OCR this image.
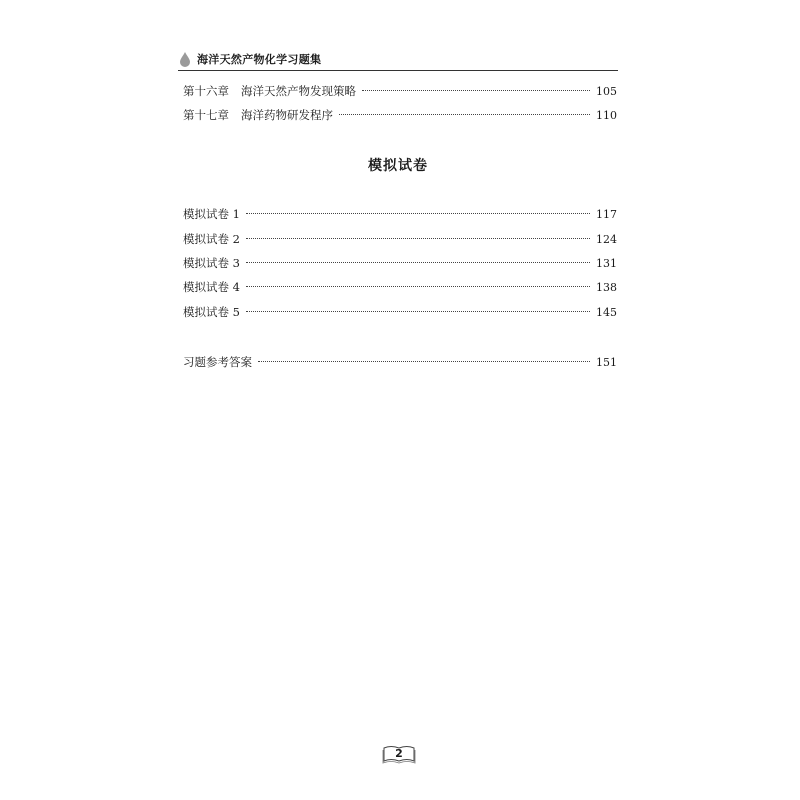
海洋天然产物化学习题集
第十六章 海洋天然产物发现策略	105
第十七章 海洋药物研发程序	110
模拟试卷
模拟试卷 1	117
模拟试卷 2	124
模拟试卷 3	131
模拟试卷 4	138
模拟试卷 5	145
习题参考答案	151
2
